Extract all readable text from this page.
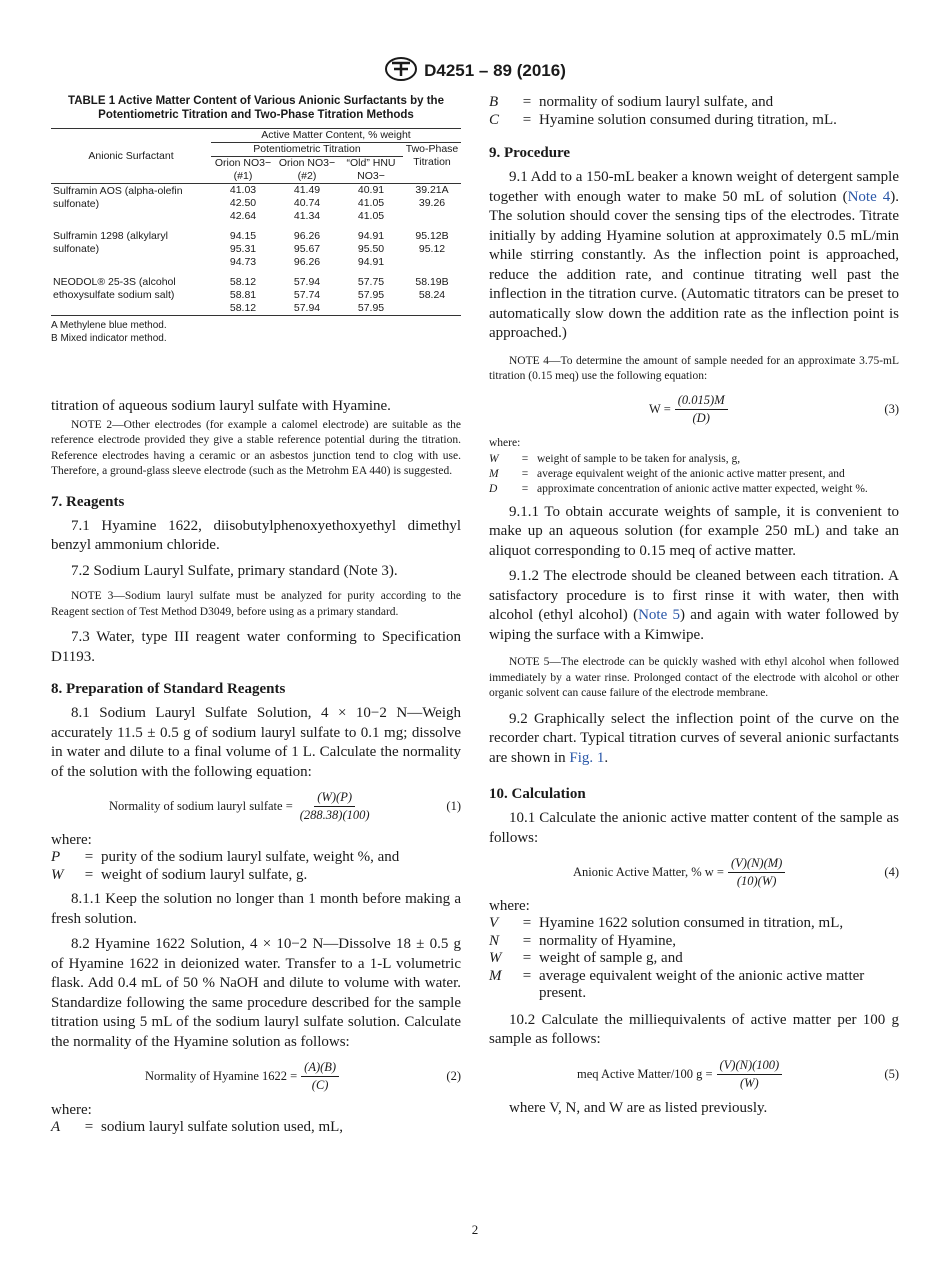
D4251 – 89 (2016)
TABLE 1 Active Matter Content of Various Anionic Surfactants by the Potentiometric Titration and Two-Phase Titration Methods
Anionic Surfactant	Active Matter Content, % weight			
	Potentiometric Titration			Two-Phase Titration
	Orion NO3− (#1)	Orion NO3− (#2)	“Old” HNU NO3−	

Sulframin AOS (alpha-olefin sulfonate)	41.03	41.49	40.91	39.21A
	42.50	40.74	41.05	39.26
	42.64	41.34	41.05	
Sulframin 1298 (alkylaryl sulfonate)	94.15	96.26	94.91	95.12B
	95.31	95.67	95.50	95.12
	94.73	96.26	94.91	
NEODOL® 25-3S (alcohol ethoxysulfate sodium salt)	58.12	57.94	57.75	58.19B
	58.81	57.74	57.95	58.24
	58.12	57.94	57.95	
A Methylene blue method.
B Mixed indicator method.

titration of aqueous sodium lauryl sulfate with Hyamine.

NOTE 2—Other electrodes (for example a calomel electrode) are suitable as the reference electrode provided they give a stable reference potential during the titration. Reference electrodes having a ceramic or an asbestos junction tend to clog with use. Therefore, a ground-glass sleeve electrode (such as the Metrohm EA 440) is suggested.
7. Reagents

7.1 Hyamine 1622, diisobutylphenoxyethoxyethyl dimethyl benzyl ammonium chloride.

7.2 Sodium Lauryl Sulfate, primary standard (Note 3).

NOTE 3—Sodium lauryl sulfate must be analyzed for purity according to the Reagent section of Test Method D3049, before using as a primary standard.

7.3 Water, type III reagent water conforming to Specification D1193.

8. Preparation of Standard Reagents

8.1 Sodium Lauryl Sulfate Solution, 4 × 10−2 N—Weigh accurately 11.5 ± 0.5 g of sodium lauryl sulfate to 0.1 mg; dissolve in water and dilute to a final volume of 1 L. Calculate the normality of the solution with the following equation:

Normality of sodium lauryl sulfate = $\frac{(W)(P)}{(288.38)(100)}$	(1)
where:
P	= purity of the sodium lauryl sulfate, weight %, and
W	= weight of sodium lauryl sulfate, g.

8.1.1 Keep the solution no longer than 1 month before making a fresh solution.

8.2 Hyamine 1622 Solution, 4 × 10−2 N—Dissolve 18 ± 0.5 g of Hyamine 1622 in deionized water. Transfer to a 1-L volumetric flask. Add 0.4 mL of 50 % NaOH and dilute to volume with water. Standardize following the same procedure described for the sample titration using 5 mL of the sodium lauryl sulfate solution. Calculate the normality of the Hyamine solution as follows:

Normality of Hyamine $1622 = \frac{(A)(B)}{(C)}$	(2)
where:
A	= sodium lauryl sulfate solution used, mL,
B	= normality of sodium lauryl sulfate, and
C	= Hyamine solution consumed during titration, mL.
9. Procedure

9.1 Add to a 150-mL beaker a known weight of detergent sample together with enough water to make 50 mL of solution (Note 4). The solution should cover the sensing tips of the electrodes. Titrate initially by adding Hyamine solution at approximately 0.5 mL/min while stirring constantly. As the inflection point is approached, reduce the addition rate, and continue titrating well past the inflection in the titration curve. (Automatic titrators can be preset to automatically slow down the addition rate as the inflection point is approached.)

NOTE 4—To determine the amount of sample needed for an approximate 3.75-mL titration (0.15 meq) use the following equation:
$W = \frac{(0.015)M}{(D)}$	(3)
where:
W	= weight of sample to be taken for analysis, g,
M	= average equivalent weight of the anionic active matter present, and
D	= approximate concentration of anionic active matter expected, weight %.

9.1.1 To obtain accurate weights of sample, it is convenient to make up an aqueous solution (for example 250 mL) and take an aliquot corresponding to 0.15 meq of active matter.

9.1.2 The electrode should be cleaned between each titration. A satisfactory procedure is to first rinse it with water, then with alcohol (ethyl alcohol) (Note 5) and again with water followed by wiping the surface with a Kimwipe.

NOTE 5—The electrode can be quickly washed with ethyl alcohol when followed immediately by a water rinse. Prolonged contact of the electrode with alcohol or other organic solvent can cause failure of the electrode membrane.

9.2 Graphically select the inflection point of the curve on the recorder chart. Typical titration curves of several anionic surfactants are shown in Fig. 1.

10. Calculation

10.1 Calculate the anionic active matter content of the sample as follows:

Anionic Active Matter, % $w = \frac{(V)(N)(M)}{(10)(W)}$	(4)
where:
V	= Hyamine 1622 solution consumed in titration, mL,
N	= normality of Hyamine,
W	= weight of sample g, and
M	= average equivalent weight of the anionic active matter present.

10.2 Calculate the milliequivalents of active matter per 100 g sample as follows:

meq Active Matter/100 $g = \frac{(V)(N)(100)}{(W)}$	(5)

where V, N, and W are as listed previously.

2
